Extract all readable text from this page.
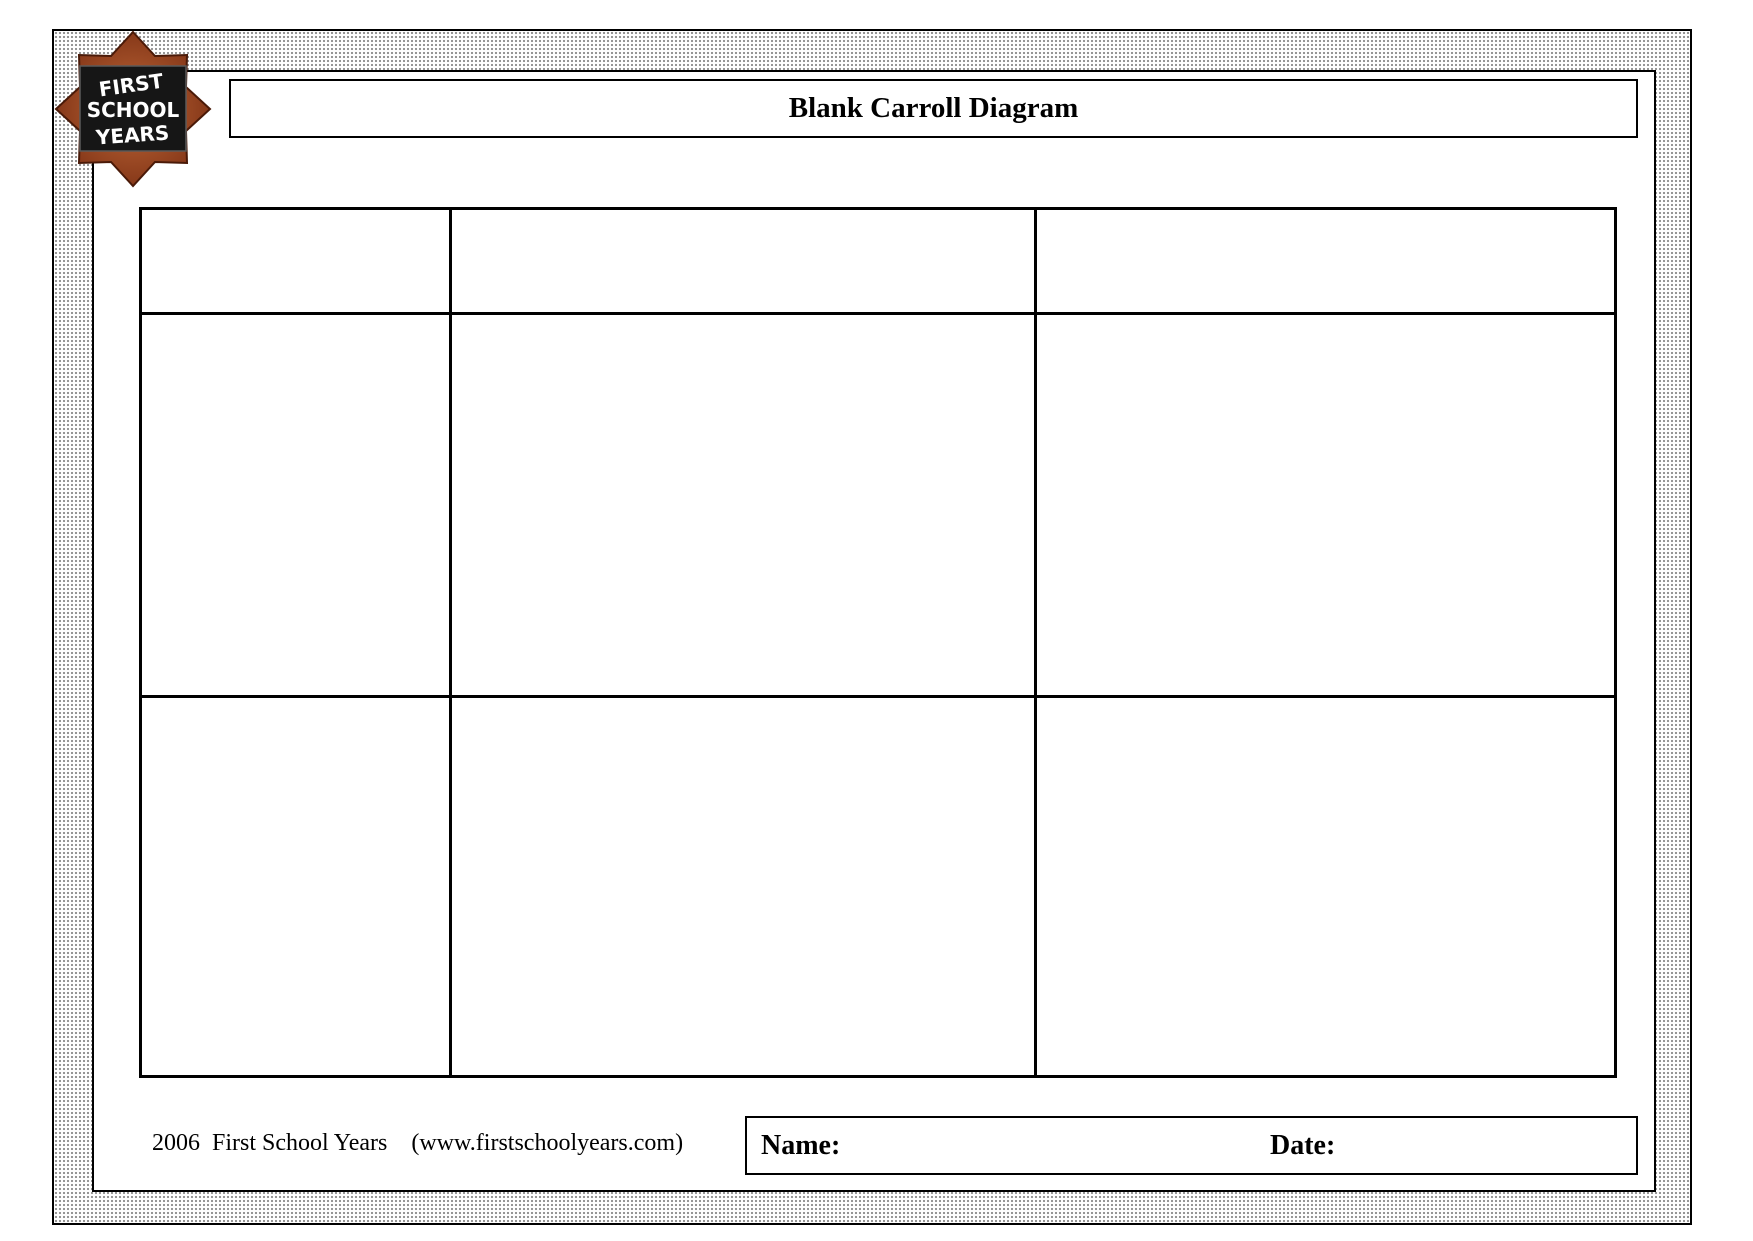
FIRST
SCHOOL
YEARS
Blank Carroll Diagram
2006  First School Years    (www.firstschoolyears.com)	Name:	Date:
